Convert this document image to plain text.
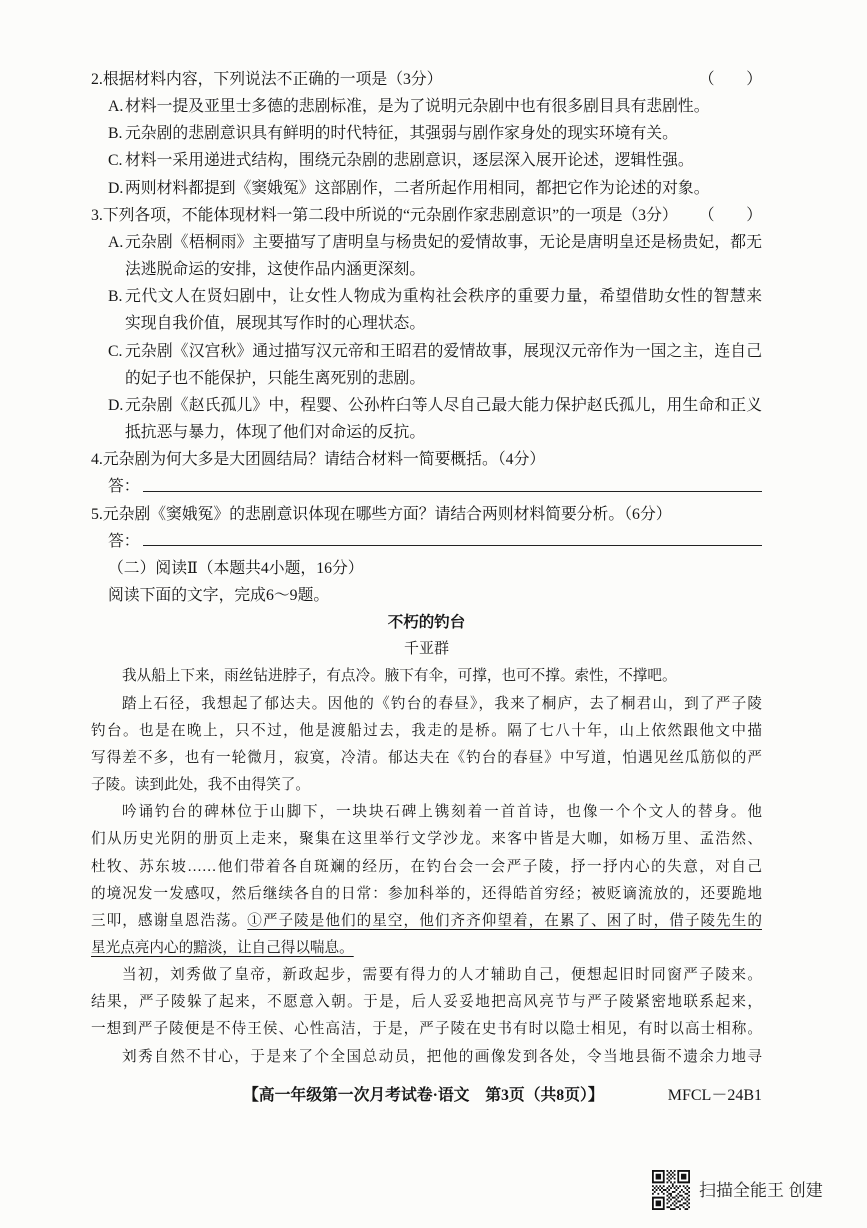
2.根据材料内容，下列说法不正确的一项是（3分）	（　　）
A. 材料一提及亚里士多德的悲剧标准，是为了说明元杂剧中也有很多剧目具有悲剧性。
B. 元杂剧的悲剧意识具有鲜明的时代特征，其强弱与剧作家身处的现实环境有关。
C. 材料一采用递进式结构，围绕元杂剧的悲剧意识，逐层深入展开论述，逻辑性强。
D. 两则材料都提到《窦娥冤》这部剧作，二者所起作用相同，都把它作为论述的对象。
3.下列各项，不能体现材料一第二段中所说的“元杂剧作家悲剧意识”的一项是（3分） （　　）
A. 元杂剧《梧桐雨》主要描写了唐明皇与杨贵妃的爱情故事，无论是唐明皇还是杨贵妃，都无
法逃脱命运的安排，这使作品内涵更深刻。
B. 元代文人在贤妇剧中，让女性人物成为重构社会秩序的重要力量，希望借助女性的智慧来
实现自我价值，展现其写作时的心理状态。
C. 元杂剧《汉宫秋》通过描写汉元帝和王昭君的爱情故事，展现汉元帝作为一国之主，连自己
的妃子也不能保护，只能生离死别的悲剧。
D. 元杂剧《赵氏孤儿》中，程婴、公孙杵臼等人尽自己最大能力保护赵氏孤儿，用生命和正义
抵抗恶与暴力，体现了他们对命运的反抗。
4.元杂剧为何大多是大团圆结局？请结合材料一简要概括。（4分）
答：
5.元杂剧《窦娥冤》的悲剧意识体现在哪些方面？请结合两则材料简要分析。（6分）
答：
（二）阅读Ⅱ（本题共4小题，16分）
阅读下面的文字，完成6～9题。
不朽的钓台
千亚群
我从船上下来，雨丝钻进脖子，有点冷。腋下有伞，可撑，也可不撑。索性，不撑吧。
踏上石径，我想起了郁达夫。因他的《钓台的春昼》，我来了桐庐，去了桐君山，到了严子陵
钓台。也是在晚上，只不过，他是渡船过去，我走的是桥。隔了七八十年，山上依然跟他文中描
写得差不多，也有一轮微月，寂寞，冷清。郁达夫在《钓台的春昼》中写道，怕遇见丝瓜筋似的严
子陵。读到此处，我不由得笑了。
吟诵钓台的碑林位于山脚下，一块块石碑上镌刻着一首首诗，也像一个个文人的替身。他
们从历史光阴的册页上走来，聚集在这里举行文学沙龙。来客中皆是大咖，如杨万里、孟浩然、
杜牧、苏东坡……他们带着各自斑斓的经历，在钓台会一会严子陵，抒一抒内心的失意，对自己
的境况发一发感叹，然后继续各自的日常：参加科举的，还得皓首穷经；被贬谪流放的，还要跪地
三叩，感谢皇恩浩荡。①严子陵是他们的星空，他们齐齐仰望着，在累了、困了时，借子陵先生的
星光点亮内心的黯淡，让自己得以喘息。
当初，刘秀做了皇帝，新政起步，需要有得力的人才辅助自己，便想起旧时同窗严子陵来。
结果，严子陵躲了起来，不愿意入朝。于是，后人妥妥地把高风亮节与严子陵紧密地联系起来，
一想到严子陵便是不侍王侯、心性高洁，于是，严子陵在史书有时以隐士相见，有时以高士相称。
刘秀自然不甘心，于是来了个全国总动员，把他的画像发到各处，令当地县衙不遗余力地寻
【高一年级第一次月考试卷·语文　第3页（共8页）】	MFCL－24B1
扫描全能王 创建
